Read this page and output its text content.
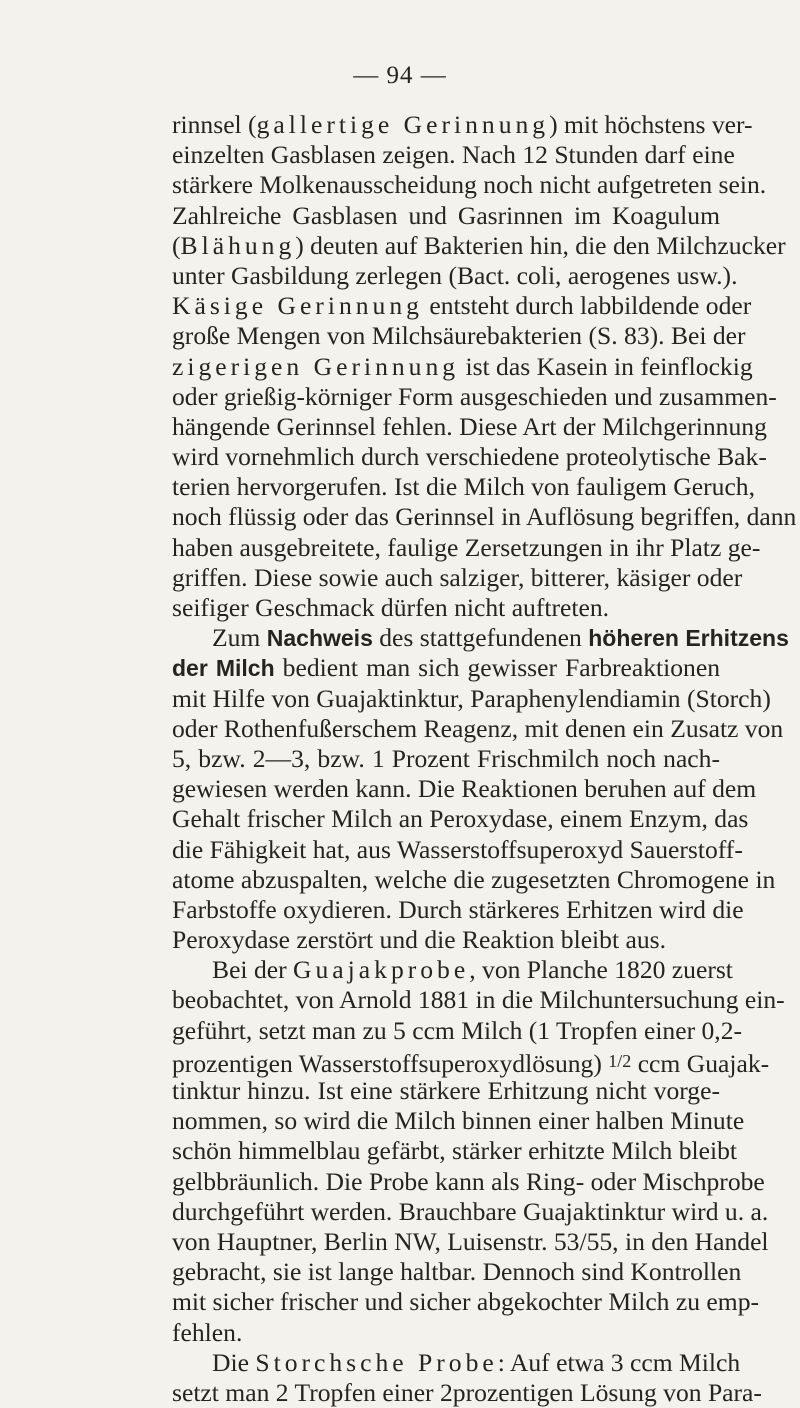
— 94 —
rinnsel (gallertige Gerinnung) mit höchstens ver-
einzelten Gasblasen zeigen. Nach 12 Stunden darf eine
stärkere Molkenausscheidung noch nicht aufgetreten sein.
Zahlreiche Gasblasen und Gasrinnen im Koagulum
(Blähung) deuten auf Bakterien hin, die den Milchzucker
unter Gasbildung zerlegen (Bact. coli, aerogenes usw.).
Käsige Gerinnung entsteht durch labbildende oder
große Mengen von Milchsäurebakterien (S. 83). Bei der
zigerigen Gerinnung ist das Kasein in feinflockig
oder grießig-körniger Form ausgeschieden und zusammen-
hängende Gerinnsel fehlen. Diese Art der Milchgerinnung
wird vornehmlich durch verschiedene proteolytische Bak-
terien hervorgerufen. Ist die Milch von fauligem Geruch,
noch flüssig oder das Gerinnsel in Auflösung begriffen, dann
haben ausgebreitete, faulige Zersetzungen in ihr Platz ge-
griffen. Diese sowie auch salziger, bitterer, käsiger oder
seifiger Geschmack dürfen nicht auftreten.
Zum Nachweis des stattgefundenen höheren Erhitzens
der Milch bedient man sich gewisser Farbreaktionen
mit Hilfe von Guajaktinktur, Paraphenylendiamin (Storch)
oder Rothenfußerschem Reagenz, mit denen ein Zusatz von
5, bzw. 2—3, bzw. 1 Prozent Frischmilch noch nach-
gewiesen werden kann. Die Reaktionen beruhen auf dem
Gehalt frischer Milch an Peroxydase, einem Enzym, das
die Fähigkeit hat, aus Wasserstoffsuperoxyd Sauerstoff-
atome abzuspalten, welche die zugesetzten Chromogene in
Farbstoffe oxydieren. Durch stärkeres Erhitzen wird die
Peroxydase zerstört und die Reaktion bleibt aus.
Bei der Guajakprobe, von Planche 1820 zuerst
beobachtet, von Arnold 1881 in die Milchuntersuchung ein-
geführt, setzt man zu 5 ccm Milch (1 Tropfen einer 0,2-
prozentigen Wasserstoffsuperoxydlösung) 1/2 ccm Guajak-
tinktur hinzu. Ist eine stärkere Erhitzung nicht vorge-
nommen, so wird die Milch binnen einer halben Minute
schön himmelblau gefärbt, stärker erhitzte Milch bleibt
gelbbräunlich. Die Probe kann als Ring- oder Mischprobe
durchgeführt werden. Brauchbare Guajaktinktur wird u. a.
von Hauptner, Berlin NW, Luisenstr. 53/55, in den Handel
gebracht, sie ist lange haltbar. Dennoch sind Kontrollen
mit sicher frischer und sicher abgekochter Milch zu emp-
fehlen.
Die Storchsche Probe: Auf etwa 3 ccm Milch
setzt man 2 Tropfen einer 2prozentigen Lösung von Para-
